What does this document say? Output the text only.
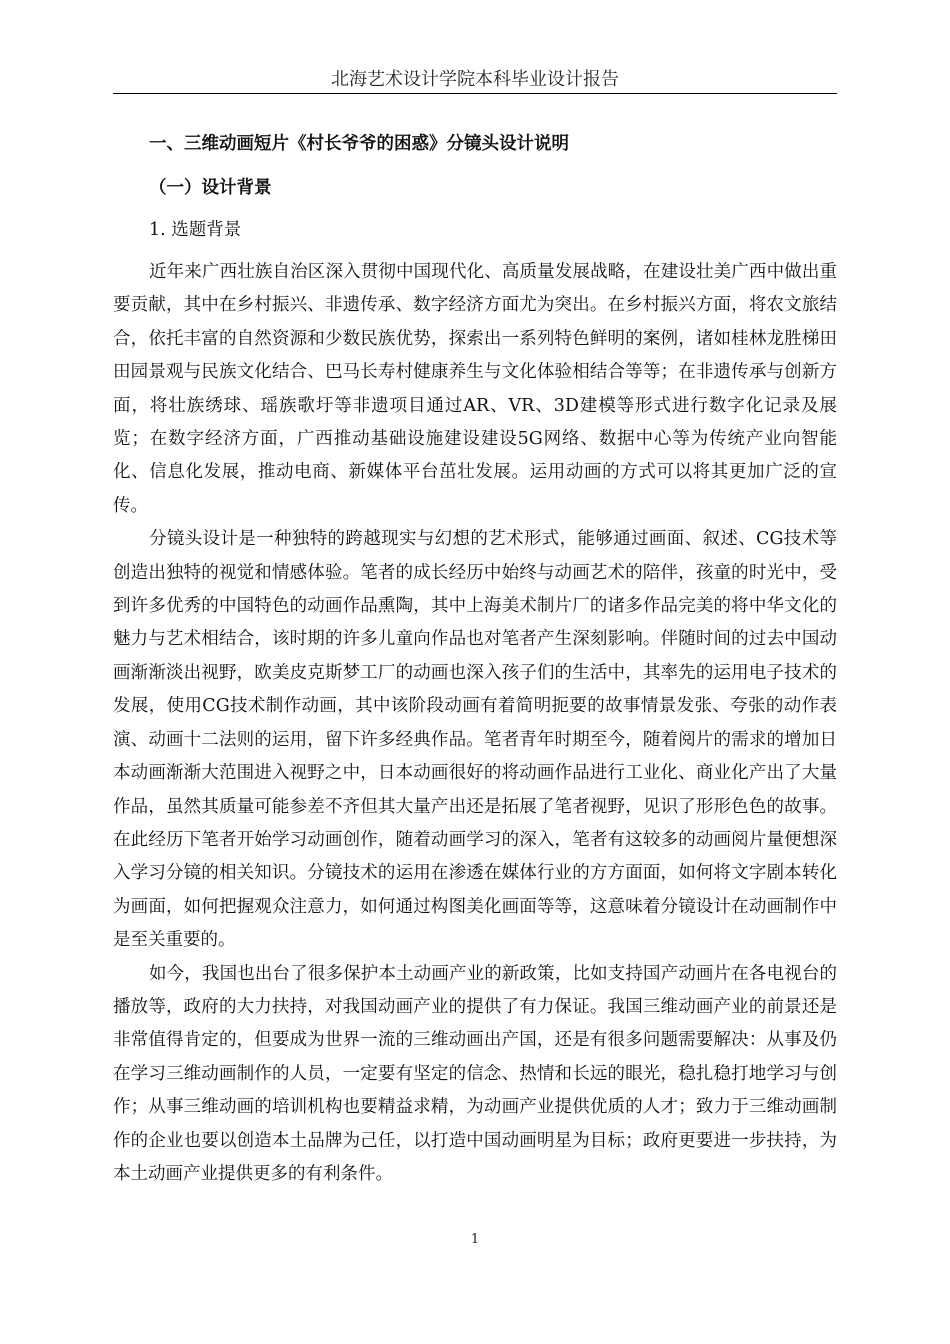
北海艺术设计学院本科毕业设计报告
一、三维动画短片《村长爷爷的困惑》分镜头设计说明
（一）设计背景
1. 选题背景

近年来广西壮族自治区深入贯彻中国现代化、高质量发展战略，在建设壮美广西中做出重要贡献，其中在乡村振兴、非遗传承、数字经济方面尤为突出。在乡村振兴方面，将农文旅结合，依托丰富的自然资源和少数民族优势，探索出一系列特色鲜明的案例，诸如桂林龙胜梯田田园景观与民族文化结合、巴马长寿村健康养生与文化体验相结合等等；在非遗传承与创新方面，将壮族绣球、瑶族歌圩等非遗项目通过AR、VR、3D建模等形式进行数字化记录及展览；在数字经济方面，广西推动基础设施建设建设5G网络、数据中心等为传统产业向智能化、信息化发展，推动电商、新媒体平台茁壮发展。运用动画的方式可以将其更加广泛的宣传。

分镜头设计是一种独特的跨越现实与幻想的艺术形式，能够通过画面、叙述、CG技术等创造出独特的视觉和情感体验。笔者的成长经历中始终与动画艺术的陪伴，孩童的时光中，受到许多优秀的中国特色的动画作品熏陶，其中上海美术制片厂的诸多作品完美的将中华文化的魅力与艺术相结合，该时期的许多儿童向作品也对笔者产生深刻影响。伴随时间的过去中国动画渐渐淡出视野，欧美皮克斯梦工厂的动画也深入孩子们的生活中，其率先的运用电子技术的发展，使用CG技术制作动画，其中该阶段动画有着简明扼要的故事情景发张、夸张的动作表演、动画十二法则的运用，留下许多经典作品。笔者青年时期至今，随着阅片的需求的增加日本动画渐渐大范围进入视野之中，日本动画很好的将动画作品进行工业化、商业化产出了大量作品，虽然其质量可能参差不齐但其大量产出还是拓展了笔者视野，见识了形形色色的故事。在此经历下笔者开始学习动画创作，随着动画学习的深入，笔者有这较多的动画阅片量便想深入学习分镜的相关知识。分镜技术的运用在渗透在媒体行业的方方面面，如何将文字剧本转化为画面，如何把握观众注意力，如何通过构图美化画面等等，这意味着分镜设计在动画制作中是至关重要的。

如今，我国也出台了很多保护本土动画产业的新政策，比如支持国产动画片在各电视台的播放等，政府的大力扶持，对我国动画产业的提供了有力保证。我国三维动画产业的前景还是非常值得肯定的，但要成为世界一流的三维动画出产国，还是有很多问题需要解决：从事及仍在学习三维动画制作的人员，一定要有坚定的信念、热情和长远的眼光，稳扎稳打地学习与创作；从事三维动画的培训机构也要精益求精，为动画产业提供优质的人才；致力于三维动画制作的企业也要以创造本土品牌为己任，以打造中国动画明星为目标；政府更要进一步扶持，为本土动画产业提供更多的有利条件。

1
